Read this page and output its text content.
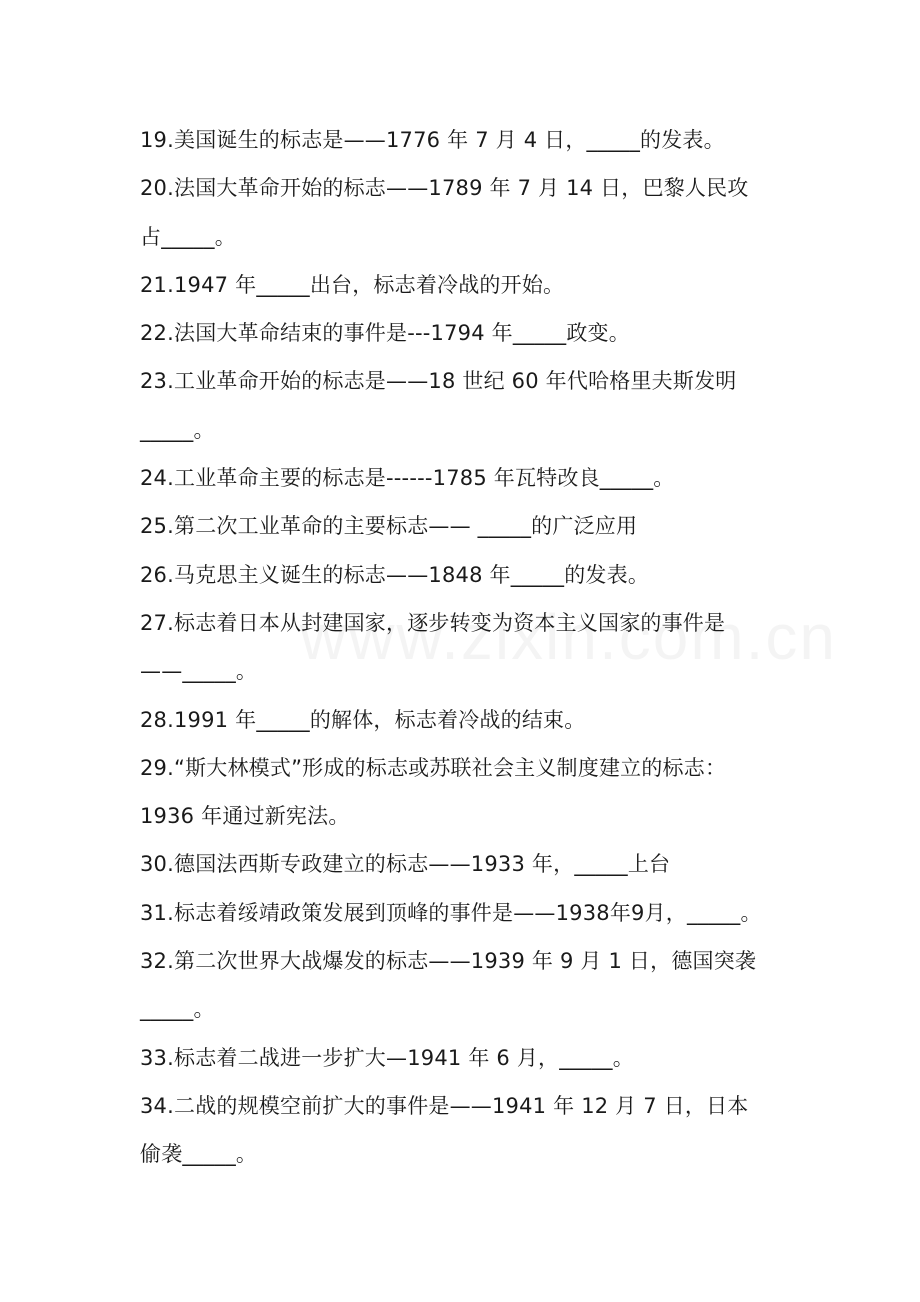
19.美国诞生的标志是——1776 年 7 月 4 日，_____的发表。
20.法国大革命开始的标志——1789 年 7 月 14 日，巴黎人民攻
占_____。
21.1947 年_____出台，标志着冷战的开始。
22.法国大革命结束的事件是---1794 年_____政变。
23.工业革命开始的标志是——18 世纪 60 年代哈格里夫斯发明
_____。
24.工业革命主要的标志是------1785 年瓦特改良_____。
25.第二次工业革命的主要标志—— _____的广泛应用
26.马克思主义诞生的标志——1848 年_____的发表。
27.标志着日本从封建国家，逐步转变为资本主义国家的事件是
——_____。
28.1991 年_____的解体，标志着冷战的结束。
29.“斯大林模式”形成的标志或苏联社会主义制度建立的标志：
1936 年通过新宪法。
30.德国法西斯专政建立的标志——1933 年，_____上台
31.标志着绥靖政策发展到顶峰的事件是——1938年9月，_____。
32.第二次世界大战爆发的标志——1939 年 9 月 1 日，德国突袭
_____。
33.标志着二战进一步扩大—1941 年 6 月，_____。
34.二战的规模空前扩大的事件是——1941 年 12 月 7 日，日本
偷袭_____。
